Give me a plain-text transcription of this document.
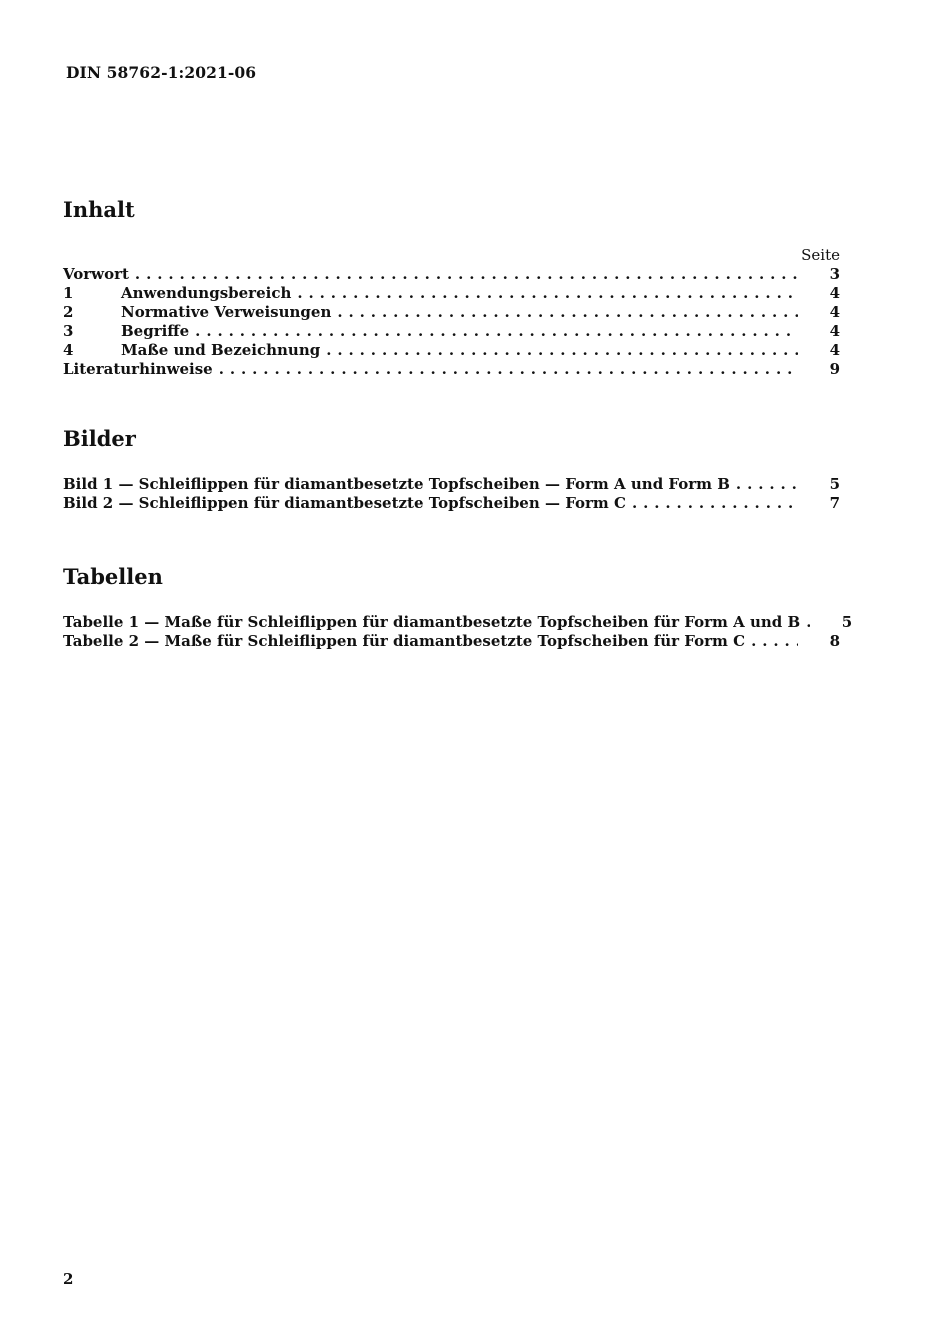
DIN 58762-1:2021-06
Inhalt
Seite
Vorwort . . .	3
1	Anwendungsbereich . . .	4
2	Normative Verweisungen . . .	4
3	Begriffe . . .	4
4	Maße und Bezeichnung . . .	4
Literaturhinweise . . .	9
Bilder
Bild 1 — Schleiflippen für diamantbesetzte Topfscheiben — Form A und Form B . . .	5
Bild 2 — Schleiflippen für diamantbesetzte Topfscheiben — Form C . . .	7
Tabellen
Tabelle 1 — Maße für Schleiflippen für diamantbesetzte Topfscheiben für Form A und B . . .	5
Tabelle 2 — Maße für Schleiflippen für diamantbesetzte Topfscheiben für Form C . . .	8
2
